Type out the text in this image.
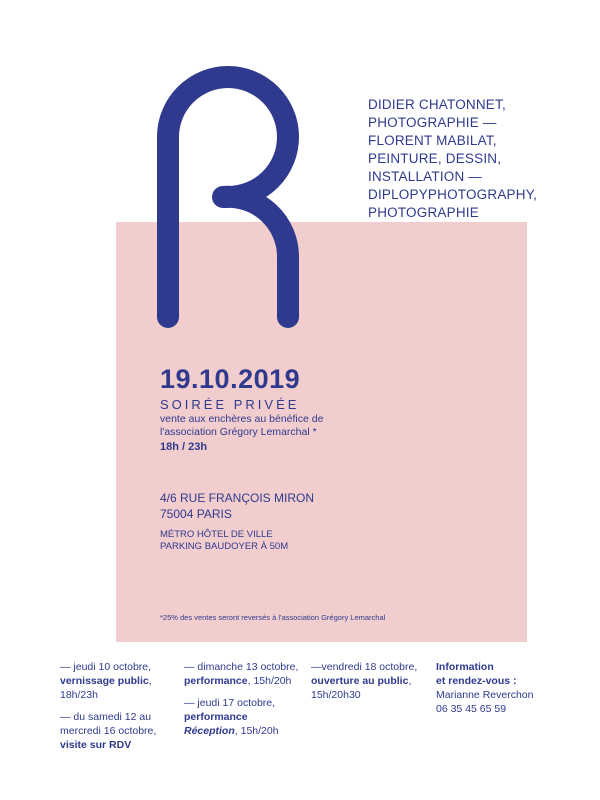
DIDIER CHATONNET,
PHOTOGRAPHIE —
FLORENT MABILAT,
PEINTURE, DESSIN,
INSTALLATION —
DIPLOPYPHOTOGRAPHY,
PHOTOGRAPHIE
19.10.2019
SOIRÉE PRIVÉE
vente aux enchères au bénéfice de
l'association Grégory Lemarchal *
18h / 23h
4/6 RUE FRANÇOIS MIRON
75004 PARIS
MÉTRO HÔTEL DE VILLE
PARKING BAUDOYER À 50M
*25% des ventes seront reversés à l'association Grégory Lemarchal
— jeudi 10 octobre,
vernissage public,
18h/23h
— du samedi 12 au
mercredi 16 octobre,
visite sur RDV
— dimanche 13 octobre,
performance, 15h/20h
— jeudi 17 octobre,
performance
Réception, 15h/20h
—vendredi 18 octobre,
ouverture au public,
15h/20h30
Information
et rendez-vous :
Marianne Reverchon
06 35 45 65 59
